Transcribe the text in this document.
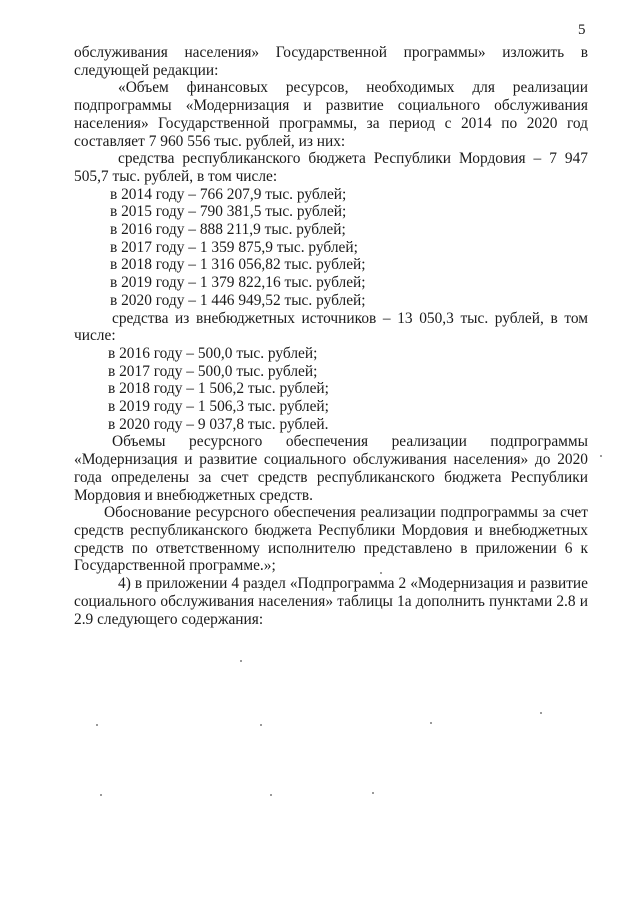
5

обслуживания населения» Государственной программы» изложить в следующей редакции:

«Объем финансовых ресурсов, необходимых для реализации подпрограммы «Модернизация и развитие социального обслуживания населения» Государственной программы, за период с 2014 по 2020 год составляет 7 960 556 тыс. рублей, из них:

средства республиканского бюджета Республики Мордовия – 7 947 505,7 тыс. рублей, в том числе:

в 2014 году – 766 207,9 тыс. рублей;

в 2015 году – 790 381,5 тыс. рублей;

в 2016 году – 888 211,9 тыс. рублей;

в 2017 году – 1 359 875,9 тыс. рублей;

в 2018 году – 1 316 056,82 тыс. рублей;

в 2019 году – 1 379 822,16 тыс. рублей;

в 2020 году – 1 446 949,52 тыс. рублей;

средства из внебюджетных источников – 13 050,3 тыс. рублей, в том числе:

в 2016 году – 500,0 тыс. рублей;

в 2017 году – 500,0 тыс. рублей;

в 2018 году – 1 506,2 тыс. рублей;

в 2019 году – 1 506,3 тыс. рублей;

в 2020 году – 9 037,8 тыс. рублей.

Объемы ресурсного обеспечения реализации подпрограммы «Модернизация и развитие социального обслуживания населения» до 2020 года определены за счет средств республиканского бюджета Республики Мордовия и внебюджетных средств.

Обоснование ресурсного обеспечения реализации подпрограммы за счет средств республиканского бюджета Республики Мордовия и внебюджетных средств по ответственному исполнителю представлено в приложении 6 к Государственной программе.»;

4) в приложении 4 раздел «Подпрограмма 2 «Модернизация и развитие социального обслуживания населения» таблицы 1а дополнить пунктами 2.8 и 2.9 следующего содержания:
